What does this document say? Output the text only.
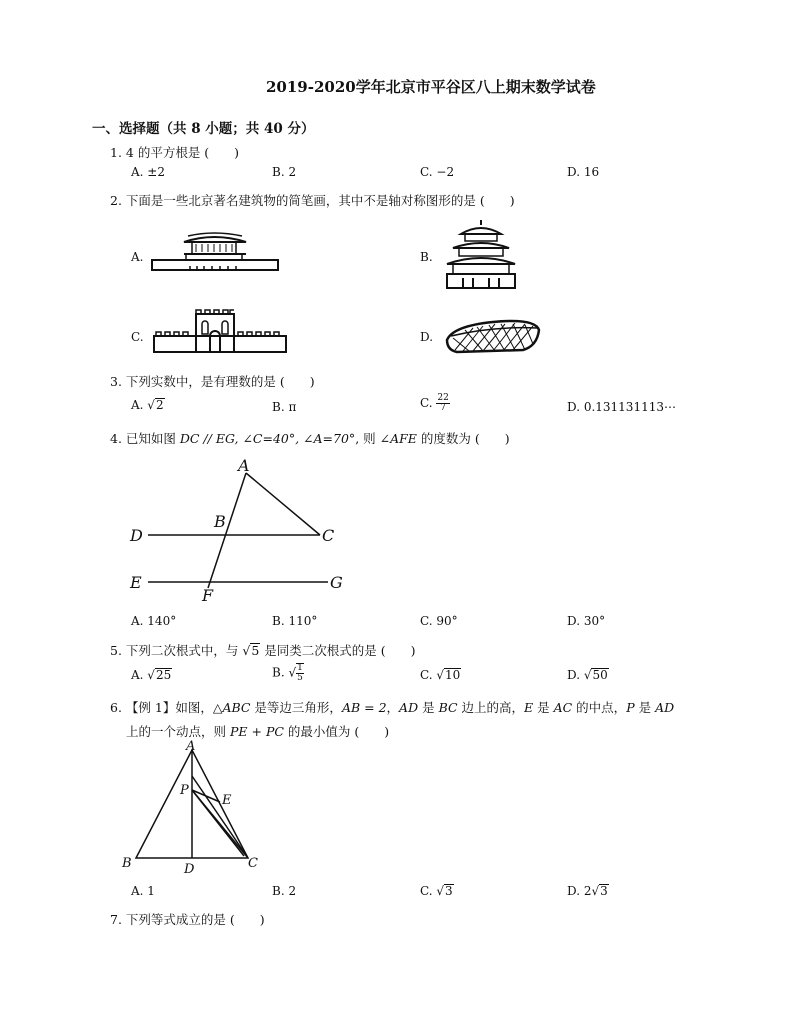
2019-2020学年北京市平谷区八上期末数学试卷
一、选择题（共 8 小题；共 40 分）
1. 4 的平方根是 (　　)
A. ±2	B. 2	C. −2	D. 16
2. 下面是一些北京著名建筑物的简笔画，其中不是轴对称图形的是 (　　)
A.	B.
C.	D.
3. 下列实数中，是有理数的是 (　　)
A. √2	B. π	C. $\frac{22}{7}$	D. 0.131131113⋯
4. 已知如图 DC // EG, ∠C=40°, ∠A=70°, 则 ∠AFE 的度数为 (　　)
A
B
C
D
E
F
G
A. 140°	B. 110°	C. 90°	D. 30°
5. 下列二次根式中，与 √5 是同类二次根式的是 (　　)
A. √25	B. √ $\frac{1}{5}$	C. √10	D. √50
6. 【例 1】如图，△ABC 是等边三角形，AB = 2，AD 是 BC 边上的高，E 是 AC 的中点，P 是 AD
上的一个动点，则 PE + PC 的最小值为 (　　)
A
P
E
B	D	C
A. 1	B. 2	C. √3	D. 2√3
7. 下列等式成立的是 (　　)
